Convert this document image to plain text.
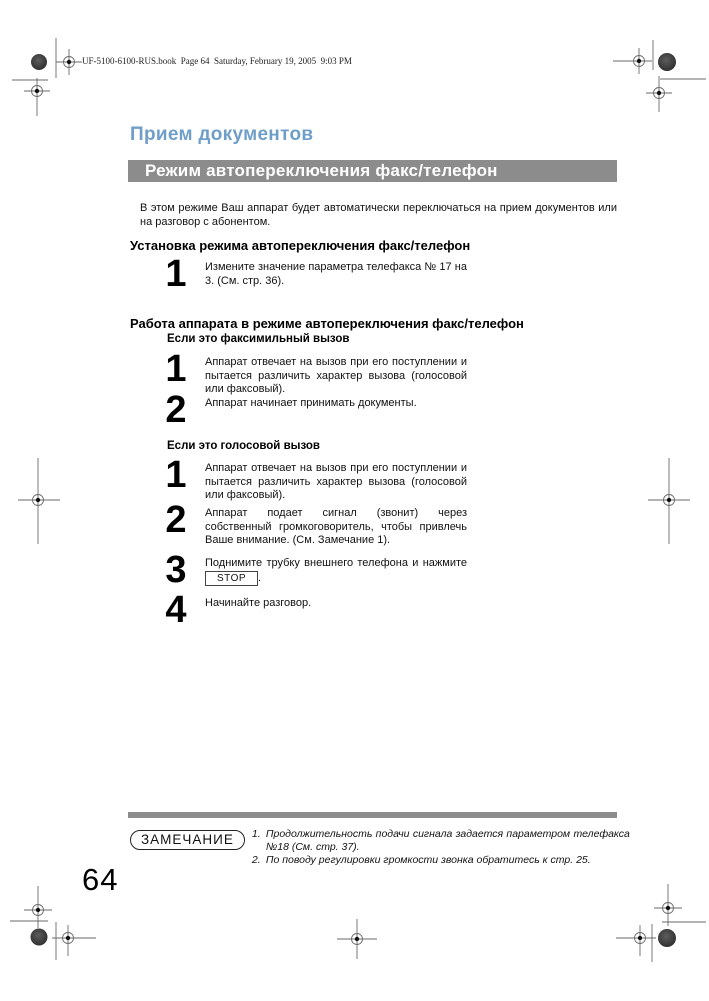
UF-5100-6100-RUS.book  Page 64  Saturday, February 19, 2005  9:03 PM
Прием документов
Режим автопереключения факс/телефон
В этом режиме Ваш аппарат будет автоматически переключаться на прием документов или на разговор с абонентом.
Установка режима автопереключения факс/телефон
1	Измените значение параметра телефакса № 17 на 3. (См. стр. 36).
Работа аппарата в режиме автопереключения факс/телефон
Если это факсимильный вызов
1	Аппарат отвечает на вызов при его поступлении и пытается различить характер вызова (голосовой или факсовый).
2	Аппарат начинает принимать документы.
Если это голосовой вызов
1	Аппарат отвечает на вызов при его поступлении и пытается различить характер вызова (голосовой или факсовый).
2	Аппарат подает сигнал (звонит) через собственный громкоговоритель, чтобы привлечь Ваше внимание. (См. Замечание 1).
3	Поднимите трубку внешнего телефона и нажмите STOP .
4	Начинайте разговор.
ЗАМЕЧАНИЕ	1. Продолжительность подачи сигнала задается параметром телефакса №18 (См. стр. 37).
2. По поводу регулировки громкости звонка обратитесь к стр. 25.
64
